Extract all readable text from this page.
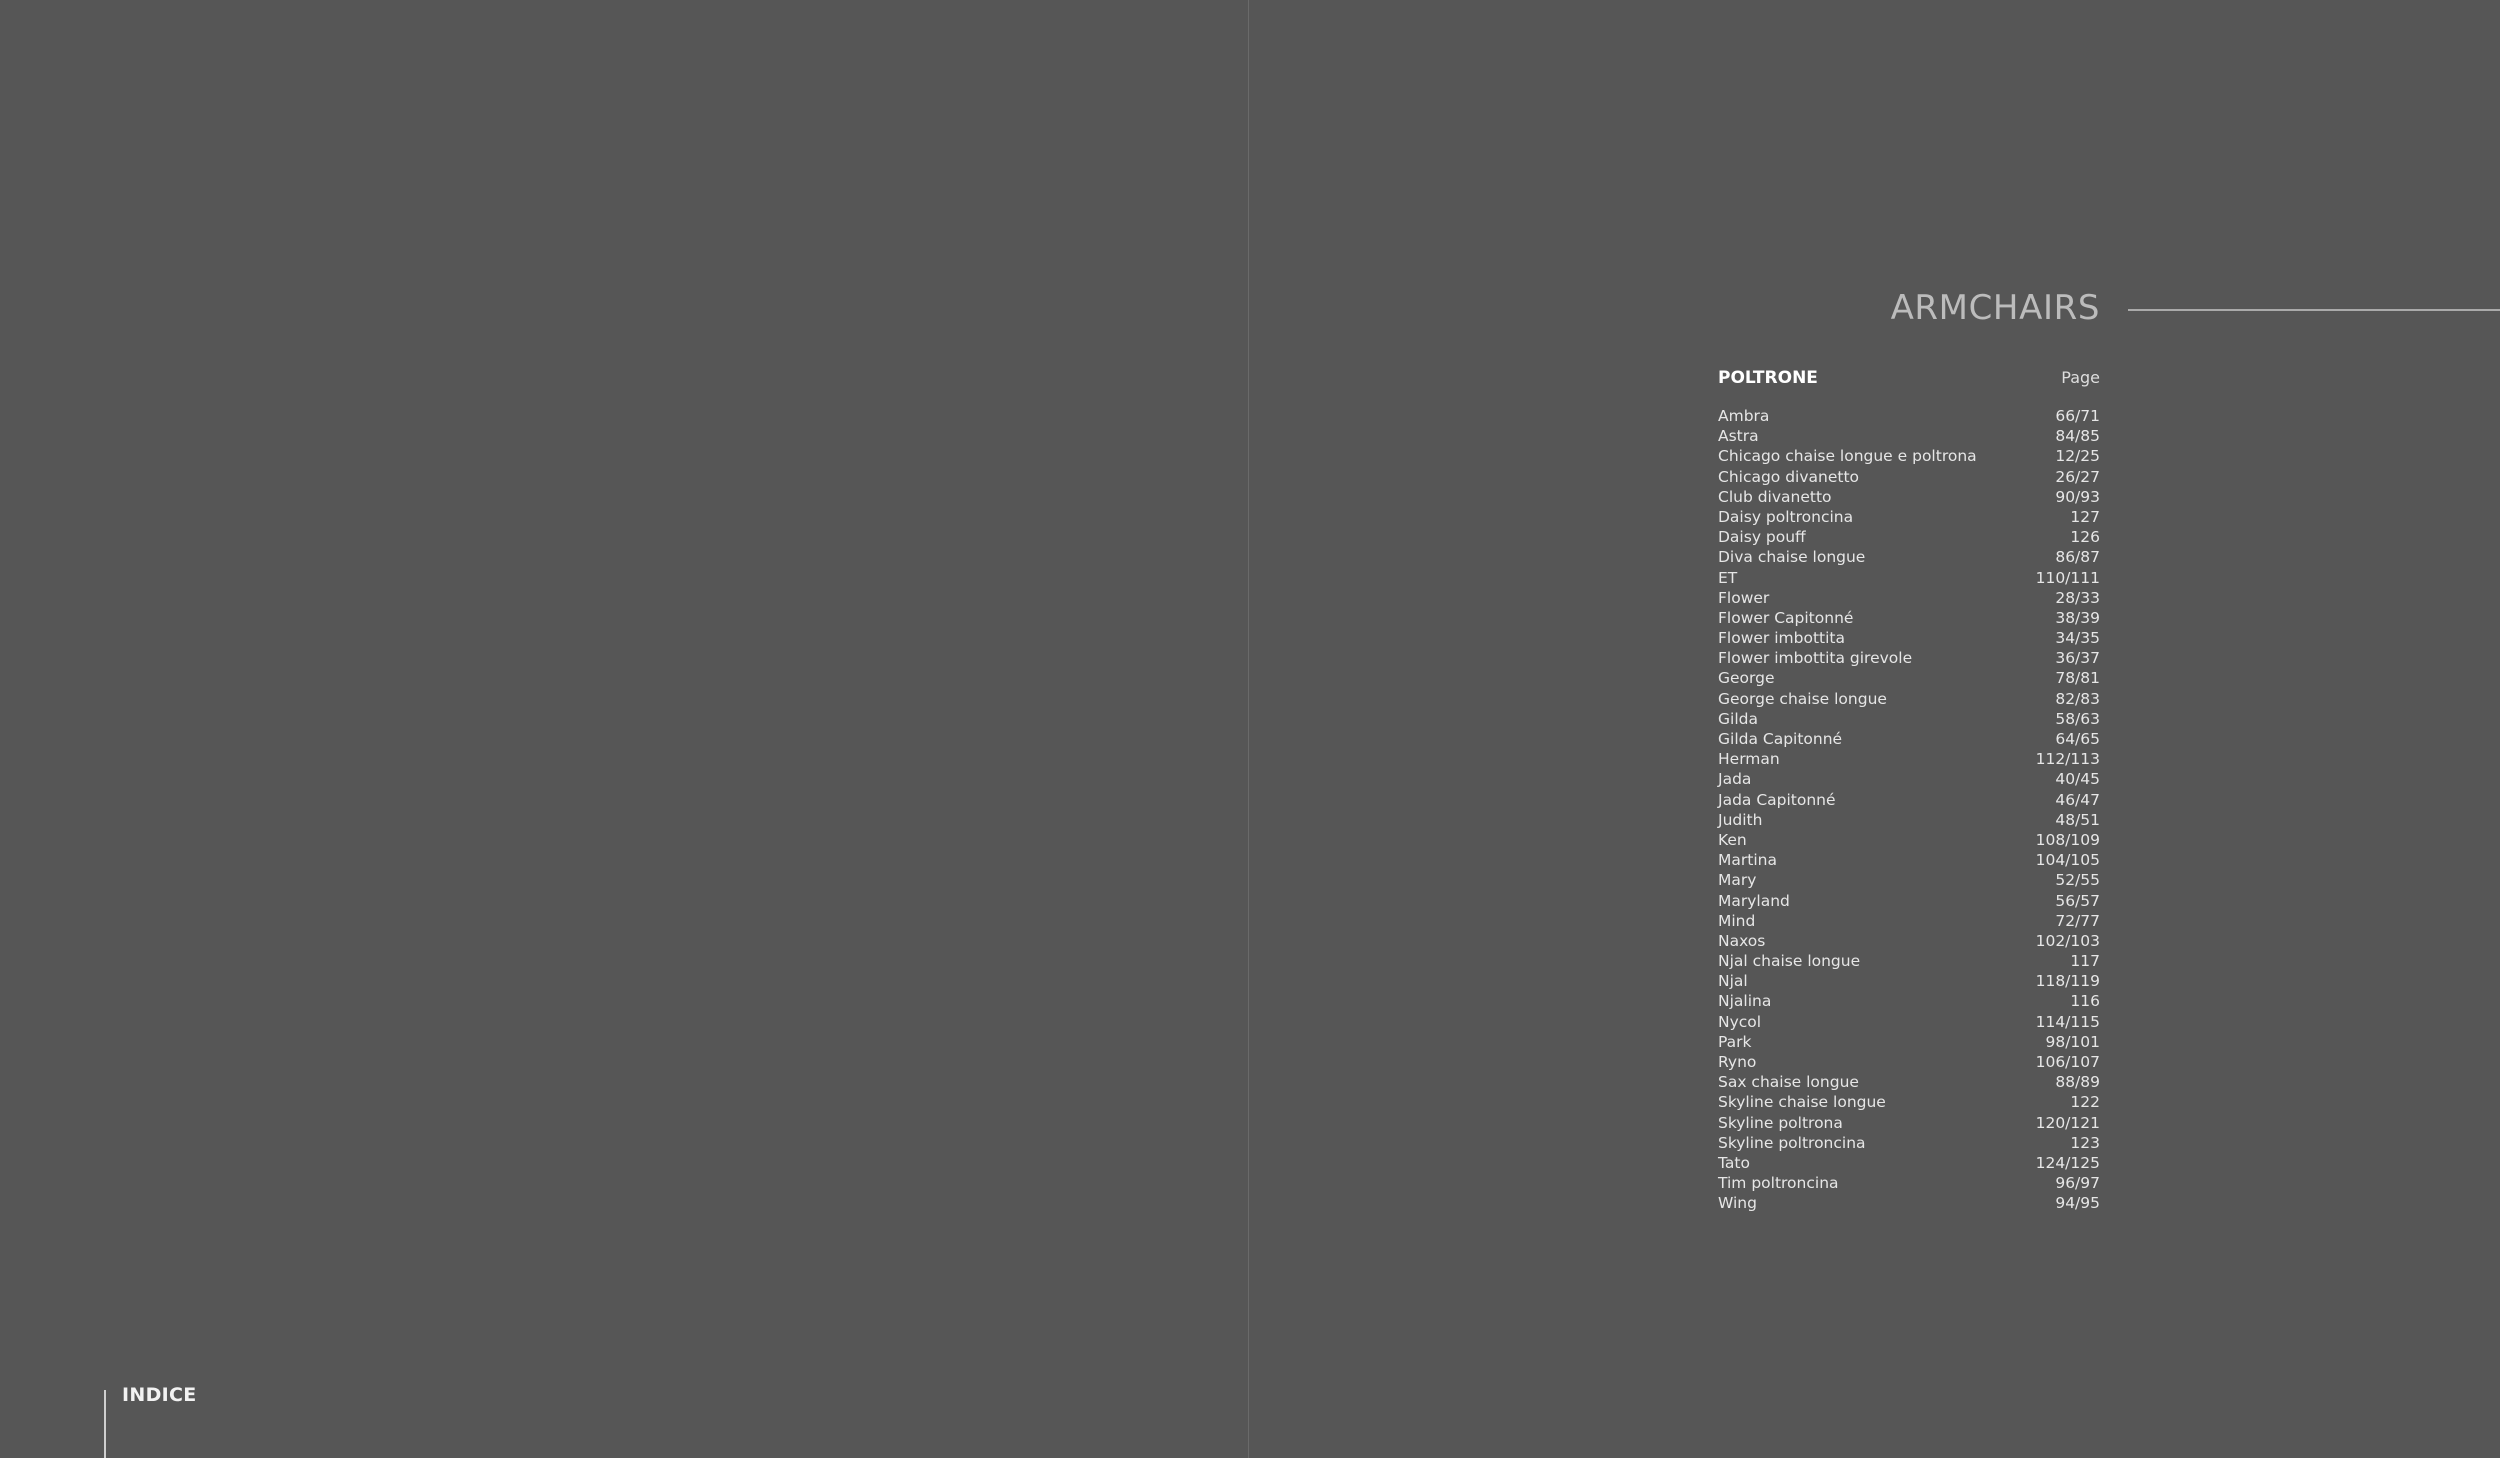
INDICE
ARMCHAIRS
POLTRONE	Page
Ambra	66/71
Astra	84/85
Chicago chaise longue e poltrona	12/25
Chicago divanetto	26/27
Club divanetto	90/93
Daisy poltroncina	127
Daisy pouff	126
Diva chaise longue	86/87
ET	110/111
Flower	28/33
Flower Capitonné	38/39
Flower imbottita	34/35
Flower imbottita girevole	36/37
George	78/81
George chaise longue	82/83
Gilda	58/63
Gilda Capitonné	64/65
Herman	112/113
Jada	40/45
Jada Capitonné	46/47
Judith	48/51
Ken	108/109
Martina	104/105
Mary	52/55
Maryland	56/57
Mind	72/77
Naxos	102/103
Njal chaise longue	117
Njal	118/119
Njalina	116
Nycol	114/115
Park	98/101
Ryno	106/107
Sax chaise longue	88/89
Skyline chaise longue	122
Skyline poltrona	120/121
Skyline poltroncina	123
Tato	124/125
Tim poltroncina	96/97
Wing	94/95
